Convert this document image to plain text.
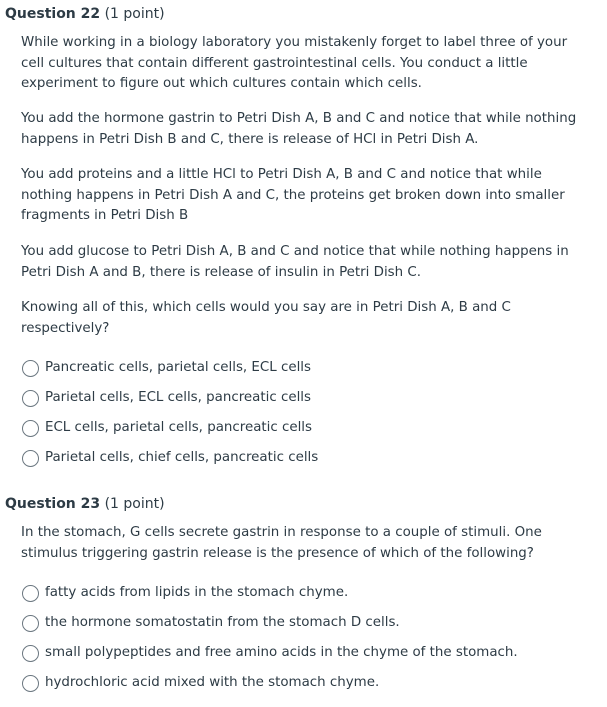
Question 22 (1 point)
While working in a biology laboratory you mistakenly forget to label three of your
cell cultures that contain different gastrointestinal cells. You conduct a little
experiment to figure out which cultures contain which cells.
You add the hormone gastrin to Petri Dish A, B and C and notice that while nothing
happens in Petri Dish B and C, there is release of HCl in Petri Dish A.
You add proteins and a little HCl to Petri Dish A, B and C and notice that while
nothing happens in Petri Dish A and C, the proteins get broken down into smaller
fragments in Petri Dish B
You add glucose to Petri Dish A, B and C and notice that while nothing happens in
Petri Dish A and B, there is release of insulin in Petri Dish C.
Knowing all of this, which cells would you say are in Petri Dish A, B and C
respectively?
Pancreatic cells, parietal cells, ECL cells
Parietal cells, ECL cells, pancreatic cells
ECL cells, parietal cells, pancreatic cells
Parietal cells, chief cells, pancreatic cells
Question 23 (1 point)
In the stomach, G cells secrete gastrin in response to a couple of stimuli. One
stimulus triggering gastrin release is the presence of which of the following?
fatty acids from lipids in the stomach chyme.
the hormone somatostatin from the stomach D cells.
small polypeptides and free amino acids in the chyme of the stomach.
hydrochloric acid mixed with the stomach chyme.
